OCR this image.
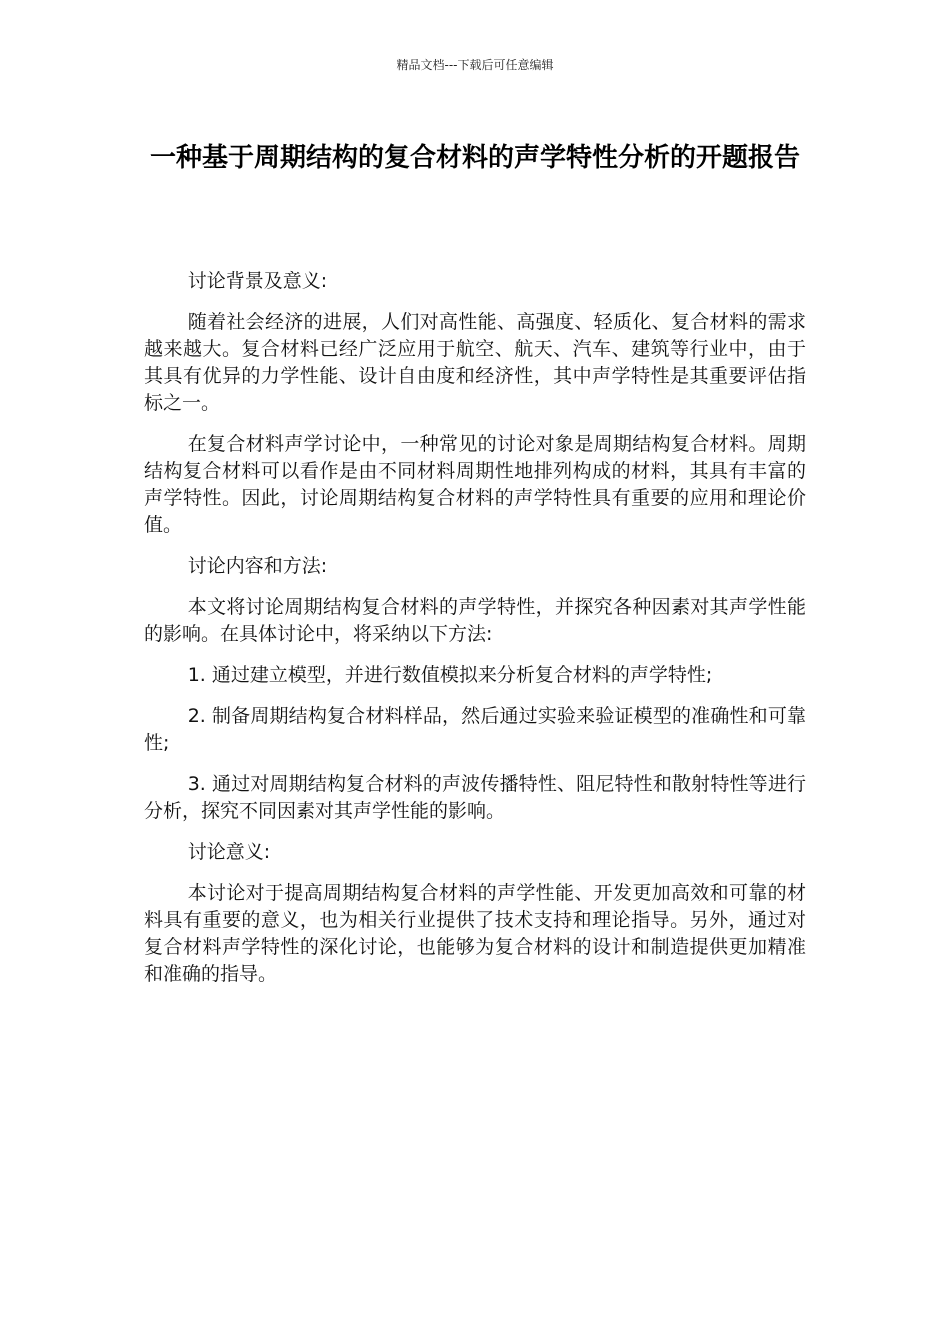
精品文档---下载后可任意编辑
一种基于周期结构的复合材料的声学特性分析的开题报告

讨论背景及意义:

随着社会经济的进展，人们对高性能、高强度、轻质化、复合材料的需求越来越大。复合材料已经广泛应用于航空、航天、汽车、建筑等行业中，由于其具有优异的力学性能、设计自由度和经济性，其中声学特性是其重要评估指标之一。

在复合材料声学讨论中，一种常见的讨论对象是周期结构复合材料。周期结构复合材料可以看作是由不同材料周期性地排列构成的材料，其具有丰富的声学特性。因此，讨论周期结构复合材料的声学特性具有重要的应用和理论价值。

讨论内容和方法:

本文将讨论周期结构复合材料的声学特性，并探究各种因素对其声学性能的影响。在具体讨论中，将采纳以下方法:

1. 通过建立模型，并进行数值模拟来分析复合材料的声学特性;

2. 制备周期结构复合材料样品，然后通过实验来验证模型的准确性和可靠性;

3. 通过对周期结构复合材料的声波传播特性、阻尼特性和散射特性等进行分析，探究不同因素对其声学性能的影响。

讨论意义:

本讨论对于提高周期结构复合材料的声学性能、开发更加高效和可靠的材料具有重要的意义，也为相关行业提供了技术支持和理论指导。另外，通过对复合材料声学特性的深化讨论，也能够为复合材料的设计和制造提供更加精准和准确的指导。
